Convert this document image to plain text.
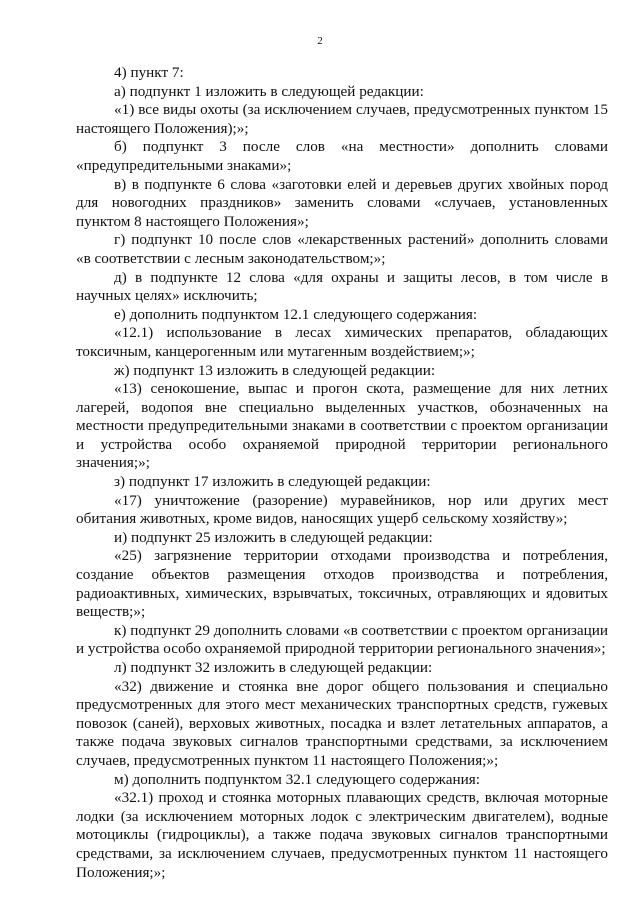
2

4) пункт 7:

а) подпункт 1 изложить в следующей редакции:

«1) все виды охоты (за исключением случаев, предусмотренных пунктом 15 настоящего Положения);»;

б) подпункт 3 после слов «на местности» дополнить словами «предупредительными знаками»;

в) в подпункте 6 слова «заготовки елей и деревьев других хвойных пород для новогодних праздников» заменить словами «случаев, установленных пунктом 8 настоящего Положения»;

г) подпункт 10 после слов «лекарственных растений» дополнить словами «в соответствии с лесным законодательством;»;

д) в подпункте 12 слова «для охраны и защиты лесов, в том числе в научных целях» исключить;

е) дополнить подпунктом 12.1 следующего содержания:

«12.1) использование в лесах химических препаратов, обладающих токсичным, канцерогенным или мутагенным воздействием;»;

ж) подпункт 13 изложить в следующей редакции:

«13) сенокошение, выпас и прогон скота, размещение для них летних лагерей, водопоя вне специально выделенных участков, обозначенных на местности предупредительными знаками в соответствии с проектом организации и устройства особо охраняемой природной территории регионального значения;»;

з) подпункт 17 изложить в следующей редакции:

«17) уничтожение (разорение) муравейников, нор или других мест обитания животных, кроме видов, наносящих ущерб сельскому хозяйству»;

и) подпункт 25 изложить в следующей редакции:

«25) загрязнение территории отходами производства и потребления, создание объектов размещения отходов производства и потребления, радиоактивных, химических, взрывчатых, токсичных, отравляющих и ядовитых веществ;»;

к) подпункт 29 дополнить словами «в соответствии с проектом организации и устройства особо охраняемой природной территории регионального значения»;

л) подпункт 32 изложить в следующей редакции:

«32) движение и стоянка вне дорог общего пользования и специально предусмотренных для этого мест механических транспортных средств, гужевых повозок (саней), верховых животных, посадка и взлет летательных аппаратов, а также подача звуковых сигналов транспортными средствами, за исключением случаев, предусмотренных пунктом 11 настоящего Положения;»;

м) дополнить подпунктом 32.1 следующего содержания:

«32.1) проход и стоянка моторных плавающих средств, включая моторные лодки (за исключением моторных лодок с электрическим двигателем), водные мотоциклы (гидроциклы), а также подача звуковых сигналов транспортными средствами, за исключением случаев, предусмотренных пунктом 11 настоящего Положения;»;
